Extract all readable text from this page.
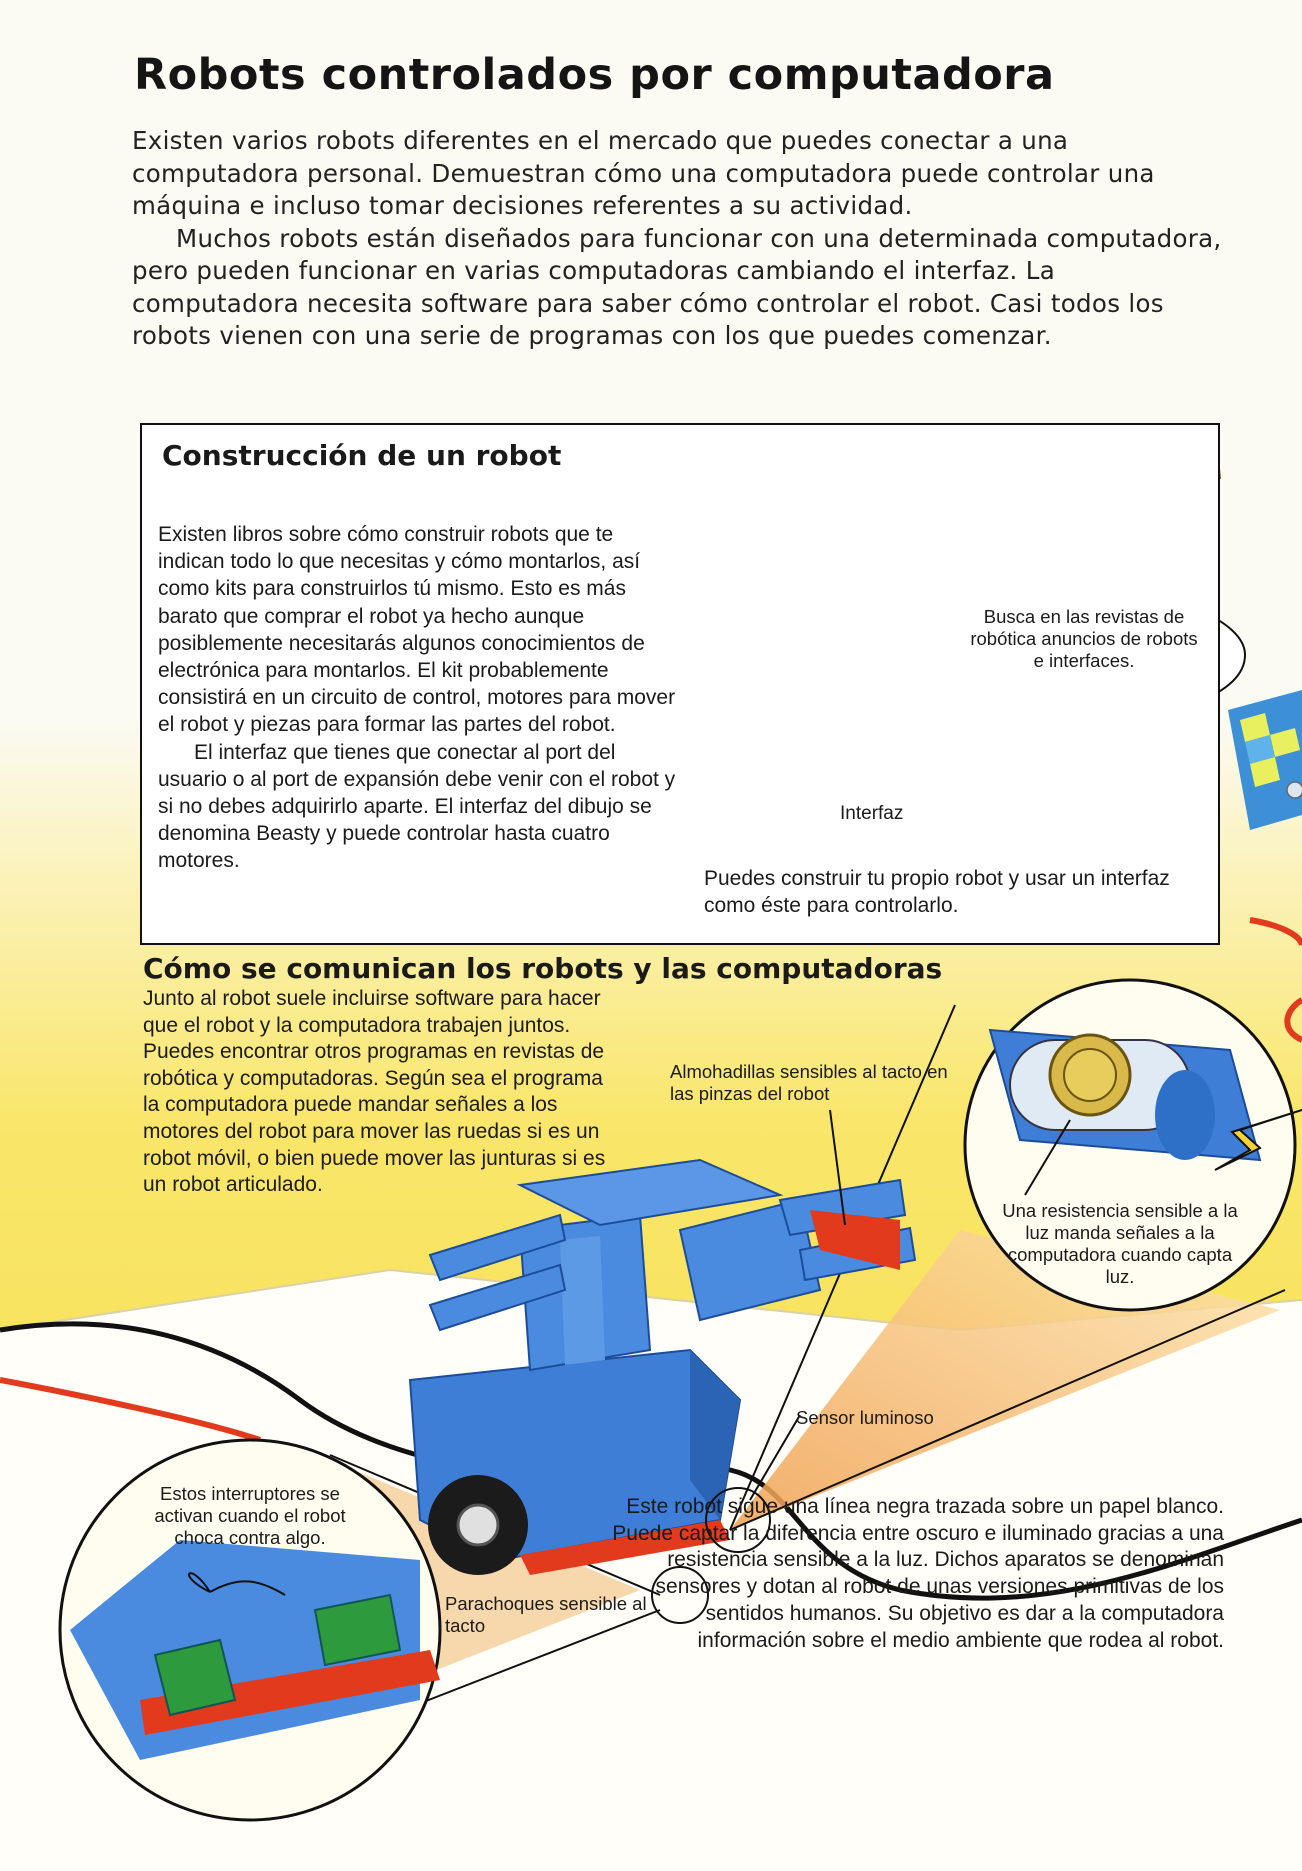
Robots controlados por computadora

Existen varios robots diferentes en el mercado que puedes conectar a una computadora personal. Demuestran cómo una computadora puede controlar una máquina e incluso tomar decisiones referentes a su actividad.

Muchos robots están diseñados para funcionar con una determinada computadora, pero pueden funcionar en varias computadoras cambiando el interfaz. La computadora necesita software para saber cómo controlar el robot. Casi todos los robots vienen con una serie de programas con los que puedes comenzar.

Construcción de un robot

Existen libros sobre cómo construir robots que te indican todo lo que necesitas y cómo montarlos, así como kits para construirlos tú mismo. Esto es más barato que comprar el robot ya hecho aunque posiblemente necesitarás algunos conocimientos de electrónica para montarlos. El kit probablemente consistirá en un circuito de control, motores para mover el robot y piezas para formar las partes del robot.

El interfaz que tienes que conectar al port del usuario o al port de expansión debe venir con el robot y si no debes adquirirlo aparte. El interfaz del dibujo se denomina Beasty y puede controlar hasta cuatro motores.

Busca en las revistas de robótica anuncios de robots e interfaces.
Interfaz
Puedes construir tu propio robot y usar un interfaz como éste para controlarlo.
Cómo se comunican los robots y las computadoras
Junto al robot suele incluirse software para hacer que el robot y la computadora trabajen juntos. Puedes encontrar otros programas en revistas de robótica y computadoras. Según sea el programa la computadora puede mandar señales a los motores del robot para mover las ruedas si es un robot móvil, o bien puede mover las junturas si es un robot articulado.
Almohadillas sensibles al tacto en las pinzas del robot
Una resistencia sensible a la luz manda señales a la computadora cuando capta luz.
Sensor luminoso
Estos interruptores se activan cuando el robot choca contra algo.
Parachoques sensible al tacto
Este robot sigue una línea negra trazada sobre un papel blanco. Puede captar la diferencia entre oscuro e iluminado gracias a una resistencia sensible a la luz. Dichos aparatos se denominan sensores y dotan al robot de unas versiones primitivas de los sentidos humanos. Su objetivo es dar a la computadora información sobre el medio ambiente que rodea al robot.
